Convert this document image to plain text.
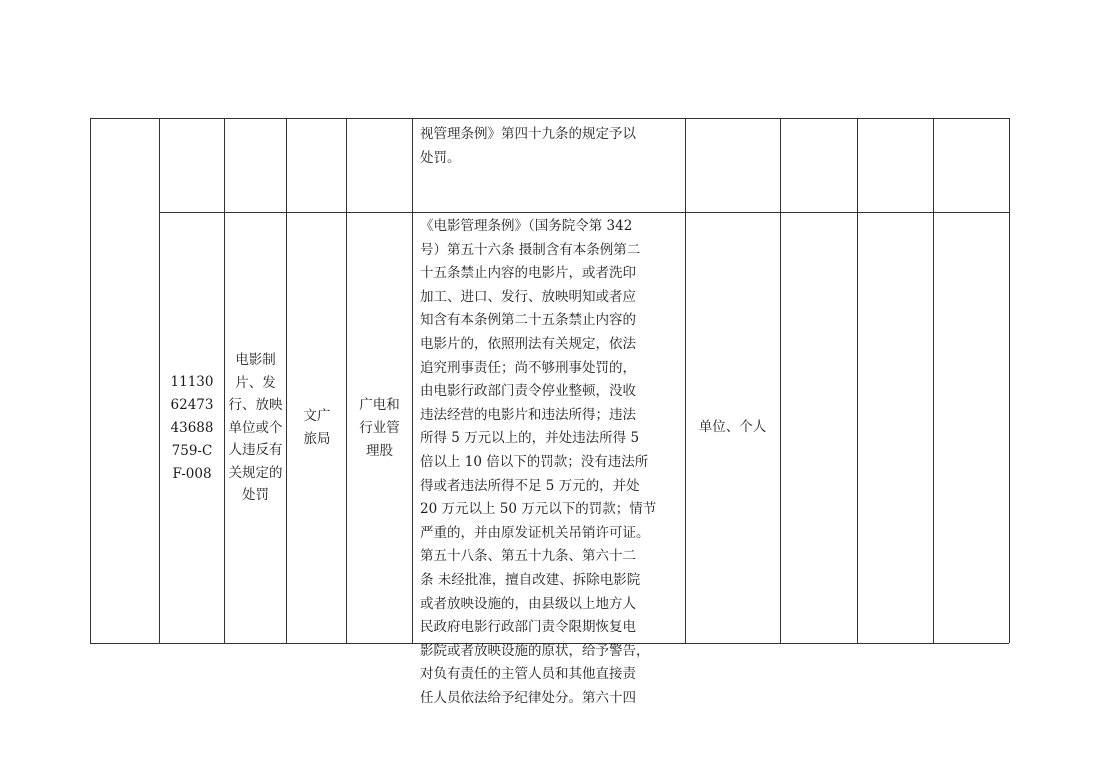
视管理条例》第四十九条的规定予以

处罚。

111306247343688759-CF-008
电影制片、发行、放映单位或个人违反有关规定的处罚
文广旅局
广电和行业管理股

《电影管理条例》（国务院令第 342

号）第五十六条 摄制含有本条例第二

十五条禁止内容的电影片，或者洗印

加工、进口、发行、放映明知或者应

知含有本条例第二十五条禁止内容的

电影片的，依照刑法有关规定，依法

追究刑事责任；尚不够刑事处罚的，

由电影行政部门责令停业整顿，没收

违法经营的电影片和违法所得；违法

所得 5 万元以上的，并处违法所得 5

倍以上 10 倍以下的罚款；没有违法所

得或者违法所得不足 5 万元的，并处

20 万元以上 50 万元以下的罚款；情节

严重的，并由原发证机关吊销许可证。

第五十八条、第五十九条、第六十二

条 未经批准，擅自改建、拆除电影院

或者放映设施的，由县级以上地方人

民政府电影行政部门责令限期恢复电

影院或者放映设施的原状，给予警告，

对负有责任的主管人员和其他直接责

任人员依法给予纪律处分。第六十四

单位、个人
